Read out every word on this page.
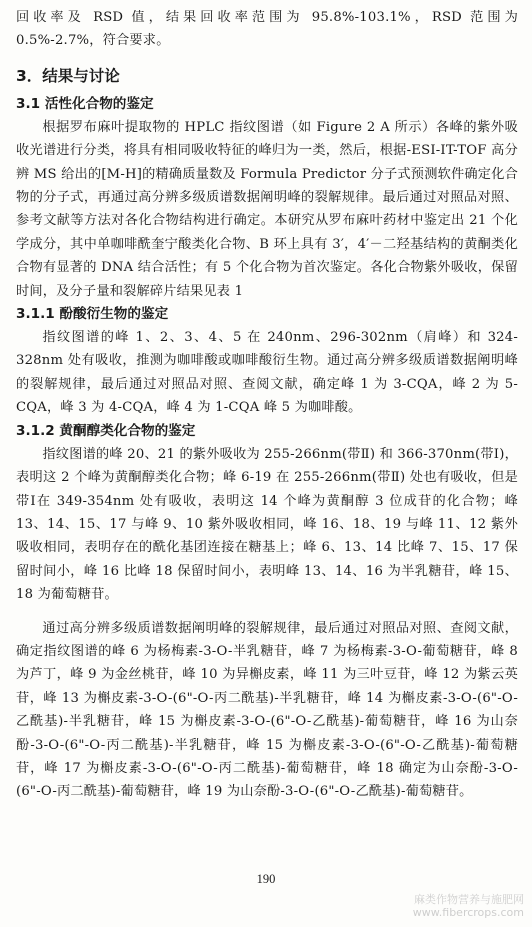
回收率及 RSD 值，结果回收率范围为 95.8%-103.1%，RSD 范围为 0.5%-2.7%，符合要求。

3．结果与讨论
3.1 活性化合物的鉴定

根据罗布麻叶提取物的 HPLC 指纹图谱（如 Figure 2 A 所示）各峰的紫外吸收光谱进行分类，将具有相同吸收特征的峰归为一类，然后，根据-ESI-IT-TOF 高分辨 MS 给出的[M-H]的精确质量数及 Formula Predictor 分子式预测软件确定化合物的分子式，再通过高分辨多级质谱数据阐明峰的裂解规律。最后通过对照品对照、参考文献等方法对各化合物结构进行确定。本研究从罗布麻叶药材中鉴定出 21 个化学成分，其中单咖啡酰奎宁酸类化合物、B 环上具有 3′，4′－二羟基结构的黄酮类化合物有显著的 DNA 结合活性；有 5 个化合物为首次鉴定。各化合物紫外吸收，保留时间，及分子量和裂解碎片结果见表 1

3.1.1 酚酸衍生物的鉴定

指纹图谱的峰 1、2、3、4、5 在 240nm、296-302nm（肩峰）和 324-328nm 处有吸收，推测为咖啡酸或咖啡酸衍生物。通过高分辨多级质谱数据阐明峰的裂解规律，最后通过对照品对照、查阅文献，确定峰 1 为 3-CQA，峰 2 为 5-CQA，峰 3 为 4-CQA，峰 4 为 1-CQA 峰 5 为咖啡酸。

3.1.2 黄酮醇类化合物的鉴定

指纹图谱的峰 20、21 的紫外吸收为 255-266nm(带Ⅱ) 和 366-370nm(带Ⅰ)，表明这 2 个峰为黄酮醇类化合物；峰 6-19 在 255-266nm(带Ⅱ) 处也有吸收，但是带Ⅰ在 349-354nm 处有吸收，表明这 14 个峰为黄酮醇 3 位成苷的化合物；峰 13、14、15、17 与峰 9、10 紫外吸收相同，峰 16、18、19 与峰 11、12 紫外吸收相同，表明存在的酰化基团连接在糖基上；峰 6、13、14 比峰 7、15、17 保留时间小，峰 16 比峰 18 保留时间小，表明峰 13、14、16 为半乳糖苷，峰 15、18 为葡萄糖苷。

通过高分辨多级质谱数据阐明峰的裂解规律，最后通过对照品对照、查阅文献，确定指纹图谱的峰 6 为杨梅素-3-O-半乳糖苷，峰 7 为杨梅素-3-O-葡萄糖苷，峰 8 为芦丁，峰 9 为金丝桃苷，峰 10 为异槲皮素，峰 11 为三叶豆苷，峰 12 为紫云英苷，峰 13 为槲皮素-3-O-(6"-O-丙二酰基)-半乳糖苷，峰 14 为槲皮素-3-O-(6"-O-乙酰基)-半乳糖苷，峰 15 为槲皮素-3-O-(6"-O-乙酰基)-葡萄糖苷，峰 16 为山奈酚-3-O-(6"-O-丙二酰基)-半乳糖苷，峰 15 为槲皮素-3-O-(6"-O-乙酰基)-葡萄糖苷，峰 17 为槲皮素-3-O-(6"-O-丙二酰基)-葡萄糖苷，峰 18 确定为山奈酚-3-O-(6"-O-丙二酰基)-葡萄糖苷，峰 19 为山奈酚-3-O-(6"-O-乙酰基)-葡萄糖苷。

190
麻类作物营养与施肥网
www.fibercrops.com
